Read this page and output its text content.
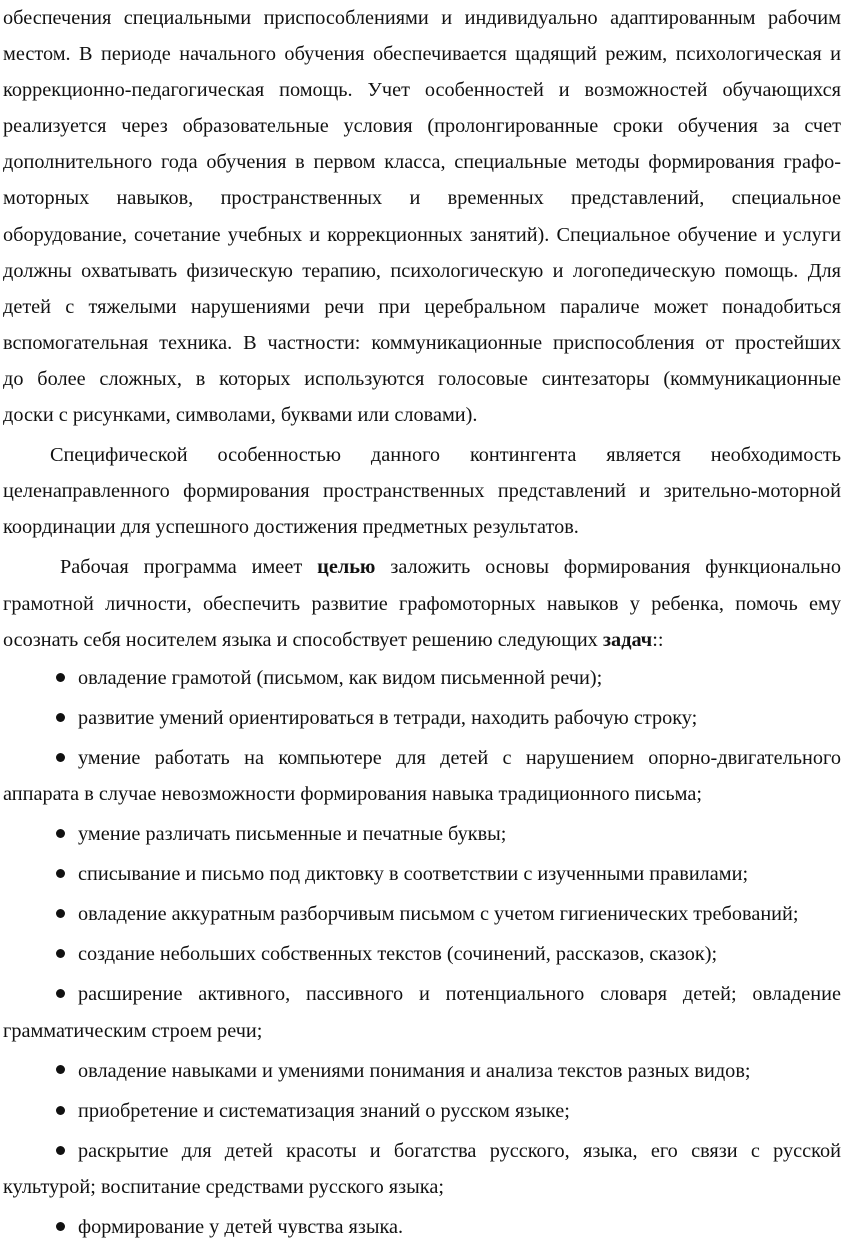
обеспечения специальными приспособлениями и индивидуально адаптированным рабочим
местом. В периоде начального обучения обеспечивается щадящий режим, психологическая и
коррекционно-педагогическая помощь. Учет особенностей и возможностей обучающихся
реализуется через образовательные условия (пролонгированные сроки обучения за счет
дополнительного года обучения в первом класса, специальные методы формирования графо-
моторных навыков, пространственных и временных представлений, специальное
оборудование, сочетание учебных и коррекционных занятий). Специальное обучение и услуги
должны охватывать физическую терапию, психологическую и логопедическую помощь. Для
детей с тяжелыми нарушениями речи при церебральном параличе может понадобиться
вспомогательная техника. В частности: коммуникационные приспособления от простейших
до более сложных, в которых используются голосовые синтезаторы (коммуникационные
доски с рисунками, символами, буквами или словами).
Специфической особенностью данного контингента является необходимость
целенаправленного формирования пространственных представлений и зрительно-моторной
координации для успешного достижения предметных результатов.
Рабочая программа имеет целью заложить основы формирования функционально
грамотной личности, обеспечить развитие графомоторных навыков у ребенка, помочь ему
осознать себя носителем языка и способствует решению следующих задач::
овладение грамотой (письмом, как видом письменной речи);
развитие умений ориентироваться в тетради, находить рабочую строку;
умение работать на компьютере для детей с нарушением опорно-двигательного
аппарата в случае невозможности формирования навыка традиционного письма;
умение различать письменные и печатные буквы;
списывание и письмо под диктовку в соответствии с изученными правилами;
овладение аккуратным разборчивым письмом с учетом гигиенических требований;
создание небольших собственных текстов (сочинений, рассказов, сказок);
расширение активного, пассивного и потенциального словаря детей; овладение
грамматическим строем речи;
овладение навыками и умениями понимания и анализа текстов разных видов;
приобретение и систематизация знаний о русском языке;
раскрытие для детей красоты и богатства русского, языка, его связи с русской
культурой; воспитание средствами русского языка;
формирование у детей чувства языка.
